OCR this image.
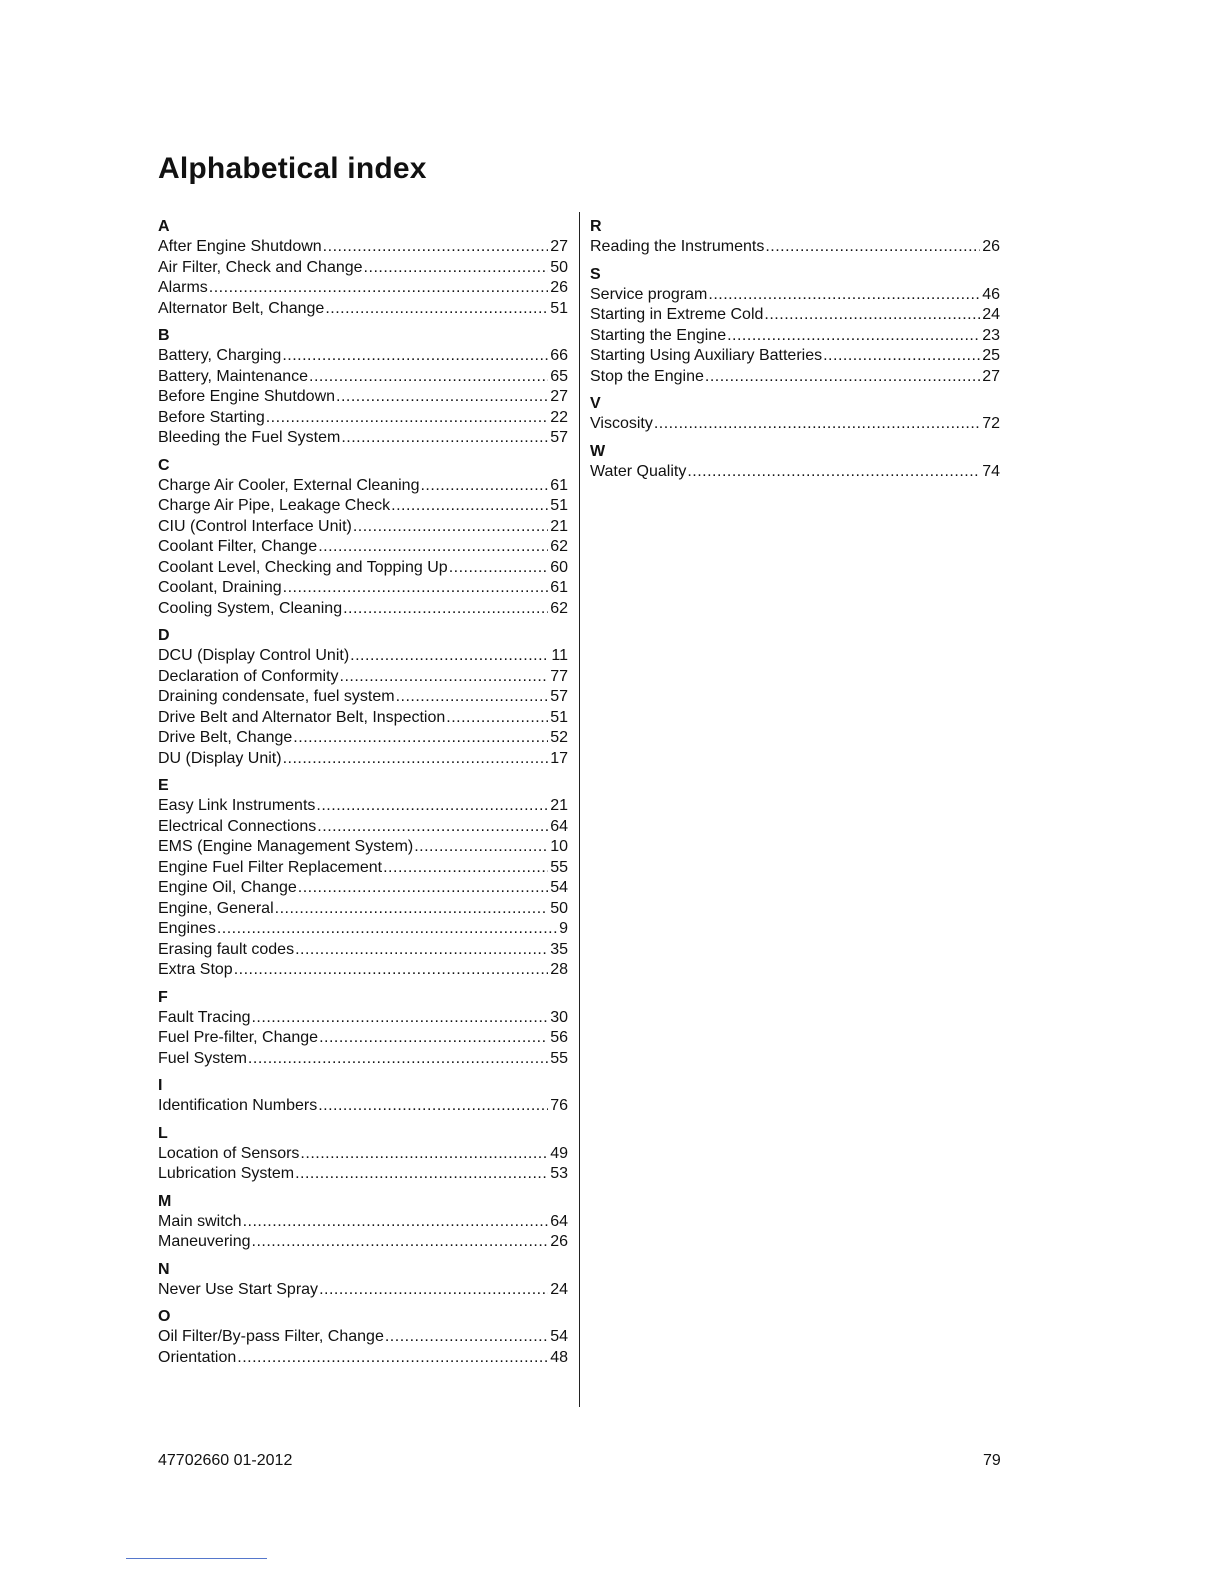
Alphabetical index
A
After Engine Shutdown .....	27
Air Filter, Check and Change .....	50
Alarms .....	26
Alternator Belt, Change .....	51
B
Battery, Charging .....	66
Battery, Maintenance .....	65
Before Engine Shutdown .....	27
Before Starting .....	22
Bleeding the Fuel System .....	57
C
Charge Air Cooler, External Cleaning .....	61
Charge Air Pipe, Leakage Check .....	51
CIU (Control Interface Unit) .....	21
Coolant Filter, Change .....	62
Coolant Level, Checking and Topping Up .....	60
Coolant, Draining .....	61
Cooling System, Cleaning .....	62
D
DCU (Display Control Unit) .....	11
Declaration of Conformity .....	77
Draining condensate, fuel system .....	57
Drive Belt and Alternator Belt, Inspection .....	51
Drive Belt, Change .....	52
DU (Display Unit) .....	17
E
Easy Link Instruments .....	21
Electrical Connections .....	64
EMS (Engine Management System) .....	10
Engine Fuel Filter Replacement .....	55
Engine Oil, Change .....	54
Engine, General .....	50
Engines .....	9
Erasing fault codes .....	35
Extra Stop .....	28
F
Fault Tracing .....	30
Fuel Pre-filter, Change .....	56
Fuel System .....	55
I
Identification Numbers .....	76
L
Location of Sensors .....	49
Lubrication System .....	53
M
Main switch .....	64
Maneuvering .....	26
N
Never Use Start Spray .....	24
O
Oil Filter/By-pass Filter, Change .....	54
Orientation .....	48
R
Reading the Instruments .....	26
S
Service program .....	46
Starting in Extreme Cold .....	24
Starting the Engine .....	23
Starting Using Auxiliary Batteries .....	25
Stop the Engine .....	27
V
Viscosity .....	72
W
Water Quality .....	74
47702660 01-2012	79
